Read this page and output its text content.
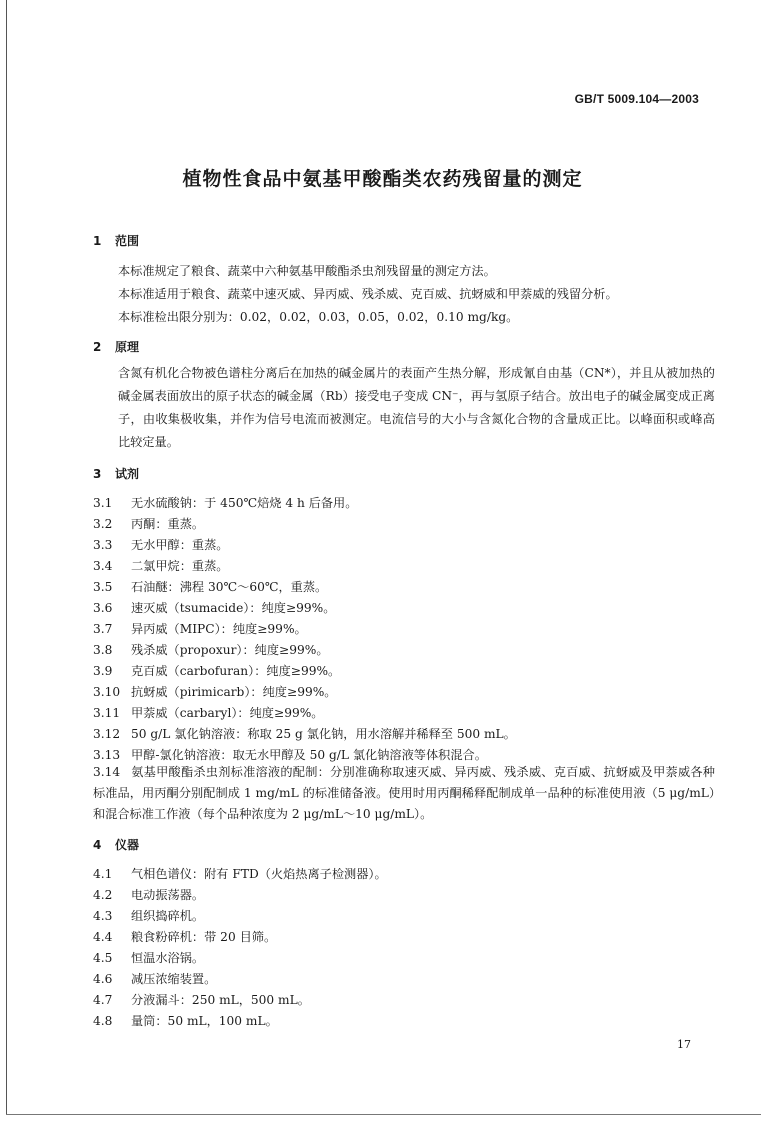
GB/T 5009.104—2003
植物性食品中氨基甲酸酯类农药残留量的测定
1 范围
本标准规定了粮食、蔬菜中六种氨基甲酸酯杀虫剂残留量的测定方法。
本标准适用于粮食、蔬菜中速灭威、异丙威、残杀威、克百威、抗蚜威和甲萘威的残留分析。
本标准检出限分别为：0.02，0.02，0.03，0.05，0.02，0.10 mg/kg。
2 原理
含氮有机化合物被色谱柱分离后在加热的碱金属片的表面产生热分解，形成氰自由基（CN*），并且从被加热的碱金属表面放出的原子状态的碱金属（Rb）接受电子变成 CN⁻，再与氢原子结合。放出电子的碱金属变成正离子，由收集极收集，并作为信号电流而被测定。电流信号的大小与含氮化合物的含量成正比。以峰面积或峰高比较定量。
3 试剂
3.1 无水硫酸钠：于 450℃焙烧 4 h 后备用。
3.2 丙酮：重蒸。
3.3 无水甲醇：重蒸。
3.4 二氯甲烷：重蒸。
3.5 石油醚：沸程 30℃～60℃，重蒸。
3.6 速灭威（tsumacide）：纯度≥99%。
3.7 异丙威（MIPC）：纯度≥99%。
3.8 残杀威（propoxur）：纯度≥99%。
3.9 克百威（carbofuran）：纯度≥99%。
3.10 抗蚜威（pirimicarb）：纯度≥99%。
3.11 甲萘威（carbaryl）：纯度≥99%。
3.12 50 g/L 氯化钠溶液：称取 25 g 氯化钠，用水溶解并稀释至 500 mL。
3.13 甲醇-氯化钠溶液：取无水甲醇及 50 g/L 氯化钠溶液等体积混合。
3.14 氨基甲酸酯杀虫剂标准溶液的配制：分别准确称取速灭威、异丙威、残杀威、克百威、抗蚜威及甲萘威各种标准品，用丙酮分别配制成 1 mg/mL 的标准储备液。使用时用丙酮稀释配制成单一品种的标准使用液（5 μg/mL）和混合标准工作液（每个品种浓度为 2 μg/mL～10 μg/mL）。
4 仪器
4.1 气相色谱仪：附有 FTD（火焰热离子检测器）。
4.2 电动振荡器。
4.3 组织捣碎机。
4.4 粮食粉碎机：带 20 目筛。
4.5 恒温水浴锅。
4.6 减压浓缩装置。
4.7 分液漏斗：250 mL，500 mL。
4.8 量筒：50 mL，100 mL。
17
